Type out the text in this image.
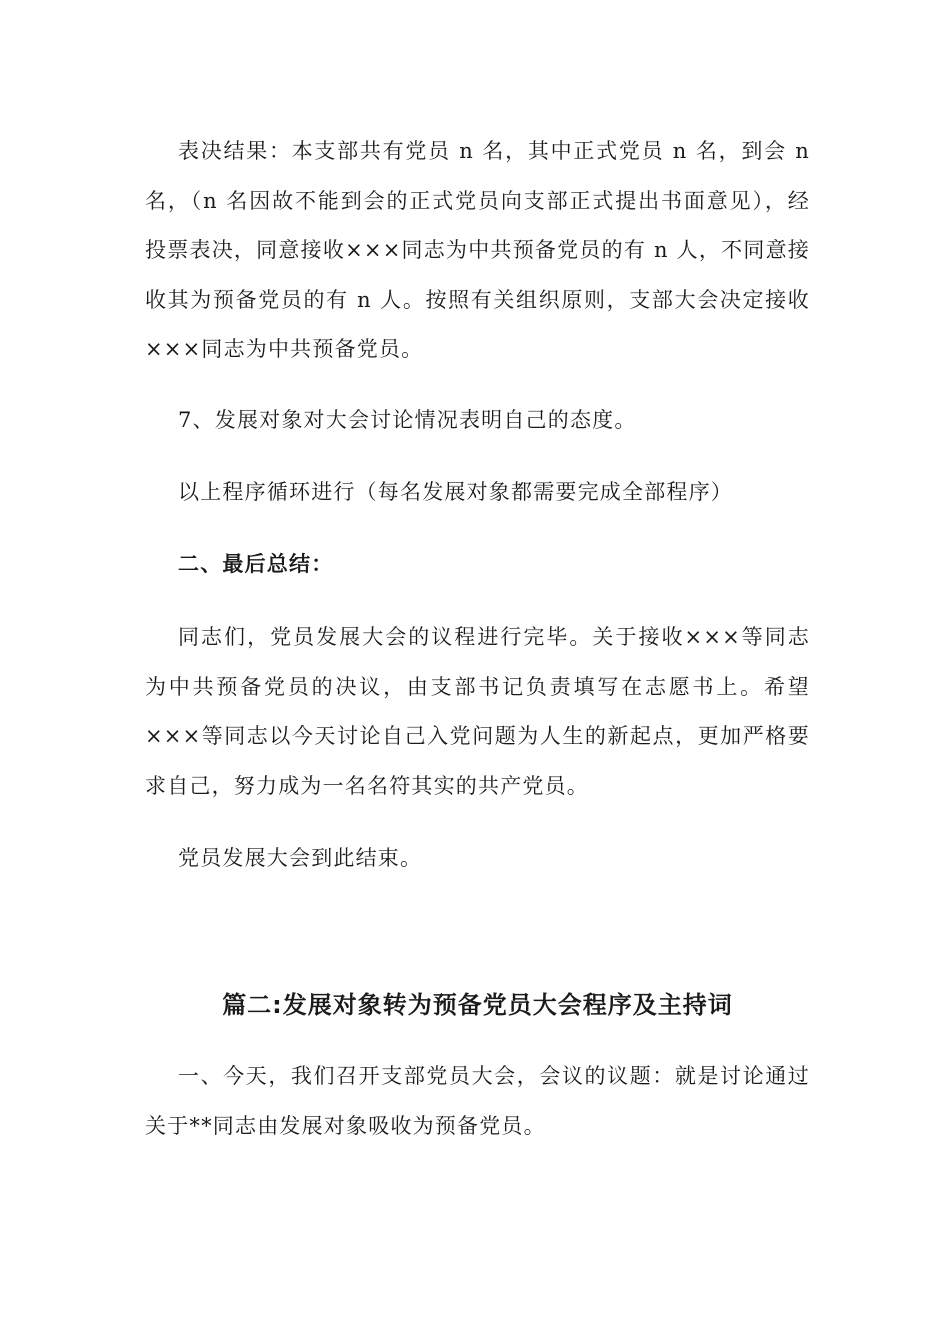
表决结果：本支部共有党员 n 名，其中正式党员 n 名，到会 n 名，（n 名因故不能到会的正式党员向支部正式提出书面意见），经投票表决，同意接收×××同志为中共预备党员的有 n 人，不同意接收其为预备党员的有 n 人。按照有关组织原则，支部大会决定接收×××同志为中共预备党员。

7、发展对象对大会讨论情况表明自己的态度。

以上程序循环进行（每名发展对象都需要完成全部程序）

二、最后总结：

同志们，党员发展大会的议程进行完毕。关于接收×××等同志为中共预备党员的决议，由支部书记负责填写在志愿书上。希望×××等同志以今天讨论自己入党问题为人生的新起点，更加严格要求自己，努力成为一名名符其实的共产党员。

党员发展大会到此结束。

篇二:发展对象转为预备党员大会程序及主持词

一、今天，我们召开支部党员大会，会议的议题：就是讨论通过关于**同志由发展对象吸收为预备党员。
